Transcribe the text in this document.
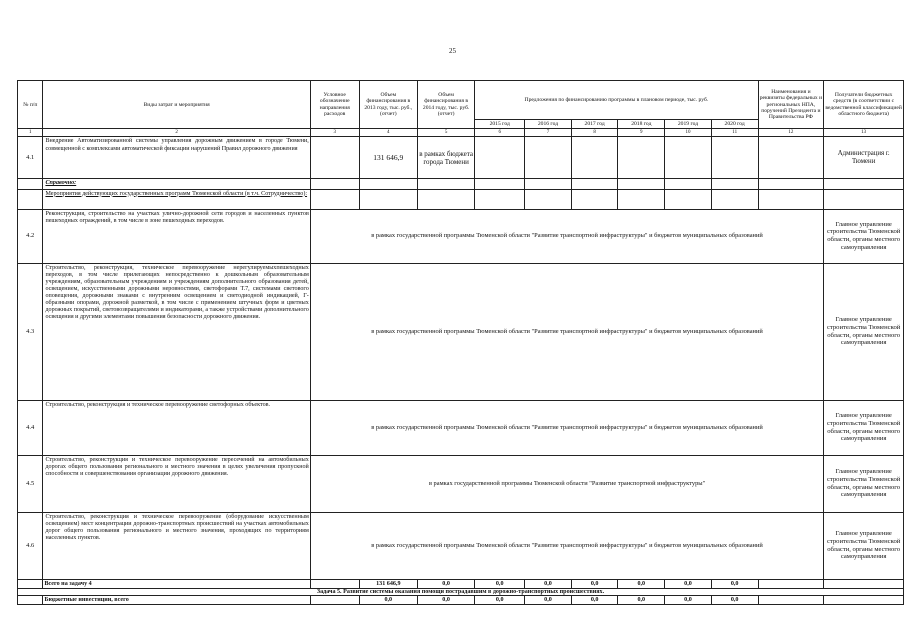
25
№ п/п	Виды затрат и мероприятия	Условное обозначение направления расходов	Объем финансирования в 2013 году, тыс. руб., (отчет)	Объем финансирования в 2014 году, тыс. руб. (отчет)	Предложения по финансированию программы в плановом периоде, тыс. руб.						Наименования и реквизиты федеральных и региональных НПА, поручений Президента и Правительства РФ	Получатели бюджетных средств (в соответствии с ведомственной классификацией областного бюджета)
					2015 год	2016 год	2017 год	2018 год	2019 год	2020 год		
1	2	3	4	5	6	7	8	9	10	11	12	13
4.1	Внедрение Автоматизированной системы управления дорожным движением в городе Тюмени, совмещенной с комплексами автоматической фиксации нарушений Правил дорожного движения		131 646,9	в рамках бюджета города Тюмени								Администрация г. Тюмени
	Справочно:											
	Мероприятия действующих государственных программ Тюменской области (в т.ч. Сотрудничество):											
4.2	Реконструкция, строительство на участках улично-дорожной сети городов и населенных пунктов пешеходных ограждений, в том числе в зоне пешеходных переходов.	в рамках государственной программы Тюменской области "Развитие транспортной инфраструктуры" и бюджетов муниципальных образований										Главное управление строительства Тюменской области, органы местного самоуправления
4.3	Строительство, реконструкция, техническое перевооружение нерегулируемыхпешеходных переходов, в том числе прилегающих непосредственно к дошкольным образовательным учреждениям, образовательным учреждениям и учреждениям дополнительного образования детей, освещением, искусственными дорожными неровностями, светофорами Т.7, системами светового оповещения, дорожными знаками с внутренним освещением и светодиодной индикацией, Г-образными опорами, дорожной разметкой, в том числе с применением штучных форм и цветных дорожных покрытий, световозвращателями и индикаторами, а также устройствами дополнительного освещения и другими элементами повышения безопасности дорожного движения.	в рамках государственной программы Тюменской области "Развитие транспортной инфраструктуры" и бюджетов муниципальных образований										Главное управление строительства Тюменской области, органы местного самоуправления
4.4	Строительство, реконструкция и техническое перевооружение светофорных объектов.	в рамках государственной программы Тюменской области "Развитие транспортной инфраструктуры" и бюджетов муниципальных образований										Главное управление строительства Тюменской области, органы местного самоуправления
4.5	Строительство, реконструкция и техническое перевооружение пересечений на автомобильных дорогах общего пользования регионального и местного значения в целях увеличения пропускной способности и совершенствования организации дорожного движения.	в рамках государственной программы Тюменской области "Развитие транспортной инфраструктуры"										Главное управление строительства Тюменской области, органы местного самоуправления
4.6	Строительство, реконструкция и техническое перевооружение (оборудование искусственным освещением) мест концентрации дорожно-транспортных происшествий на участках автомобильных дорог общего пользования регионального и местного значения, проходящих по территориям населенных пунктов.	в рамках государственной программы Тюменской области "Развитие транспортной инфраструктуры" и бюджетов муниципальных образований										Главное управление строительства Тюменской области, органы местного самоуправления
	Всего на задачу 4		131 646,9	0,0	0,0	0,0	0,0	0,0	0,0	0,0		
Задача 5. Развитие системы оказания помощи пострадавшим в дорожно-транспортных происшествиях.												
	Бюджетные инвестиции, всего		0,0	0,0	0,0	0,0	0,0	0,0	0,0	0,0		
